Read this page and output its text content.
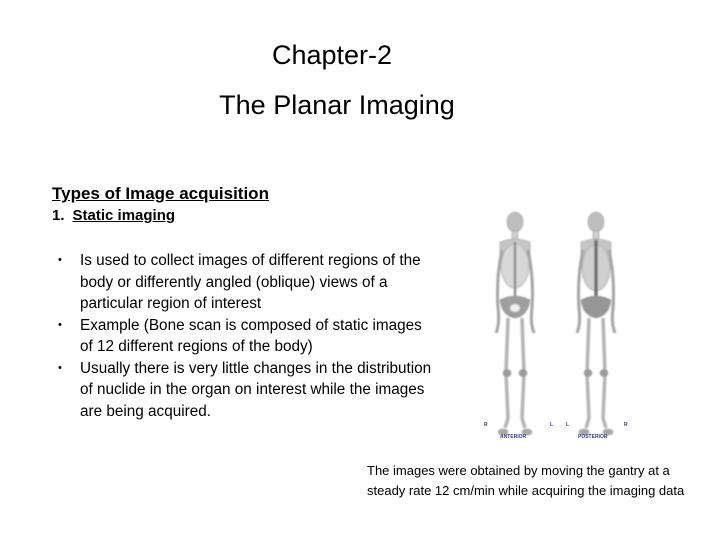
Chapter-2
The Planar Imaging
Types of Image acquisition
1. Static imaging
• Is used to collect images of different regions of the body or differently angled (oblique) views of a particular region of interest
• Example (Bone scan is composed of static images of 12 different regions of the body)
• Usually there is very little changes in the distribution of nuclide in the organ on interest while the images are being acquired.
R	L	L	R
ANTERIOR	POSTERIOR
The images were obtained by moving the gantry at a steady rate 12 cm/min while acquiring the imaging data
